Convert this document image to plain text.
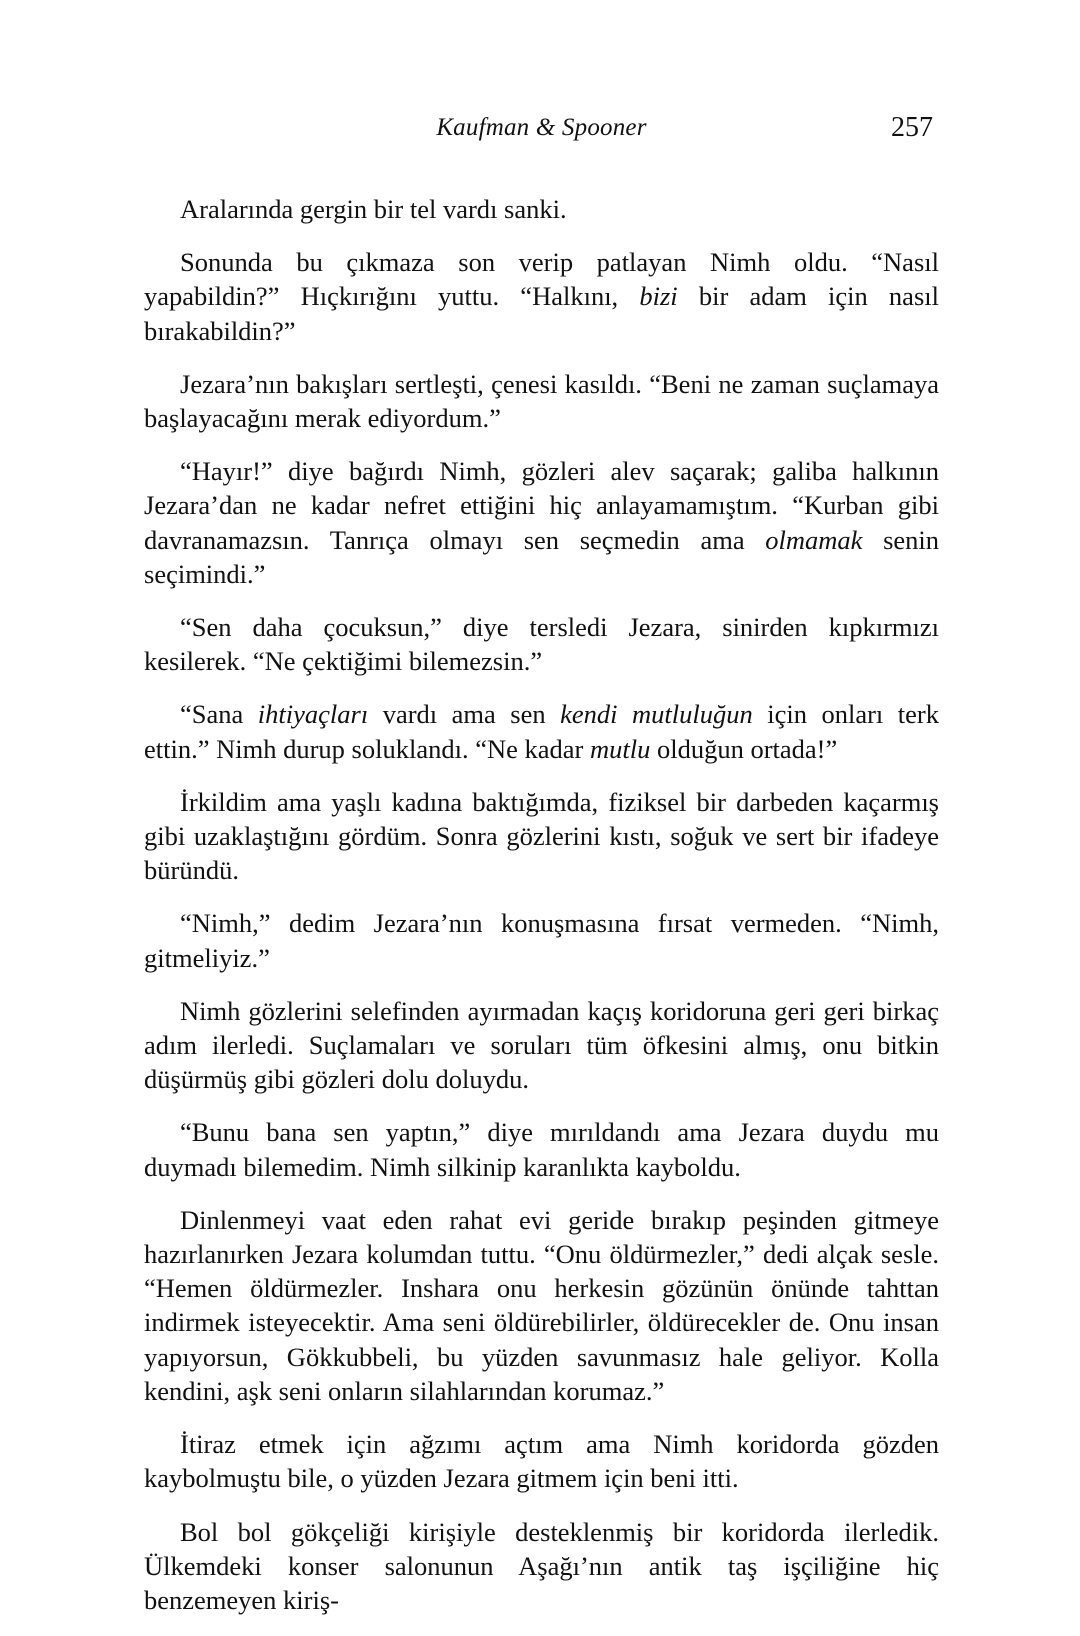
Kaufman & Spooner	257

Aralarında gergin bir tel vardı sanki.

Sonunda bu çıkmaza son verip patlayan Nimh oldu. “Nasıl yapabildin?” Hıçkırığını yuttu. “Halkını, bizi bir adam için nasıl bırakabildin?”

Jezara’nın bakışları sertleşti, çenesi kasıldı. “Beni ne zaman suçlamaya başlayacağını merak ediyordum.”

“Hayır!” diye bağırdı Nimh, gözleri alev saçarak; galiba halkının Jezara’dan ne kadar nefret ettiğini hiç anlayamamıştım. “Kurban gibi davranamazsın. Tanrıça olmayı sen seçmedin ama olmamak senin seçimindi.”

“Sen daha çocuksun,” diye tersledi Jezara, sinirden kıpkırmızı kesilerek. “Ne çektiğimi bilemezsin.”

“Sana ihtiyaçları vardı ama sen kendi mutluluğun için onları terk ettin.” Nimh durup soluklandı. “Ne kadar mutlu olduğun ortada!”

İrkildim ama yaşlı kadına baktığımda, fiziksel bir darbeden kaçarmış gibi uzaklaştığını gördüm. Sonra gözlerini kıstı, soğuk ve sert bir ifadeye büründü.

“Nimh,” dedim Jezara’nın konuşmasına fırsat vermeden. “Nimh, gitmeliyiz.”

Nimh gözlerini selefinden ayırmadan kaçış koridoruna geri geri birkaç adım ilerledi. Suçlamaları ve soruları tüm öfkesini almış, onu bitkin düşürmüş gibi gözleri dolu doluydu.

“Bunu bana sen yaptın,” diye mırıldandı ama Jezara duydu mu duymadı bilemedim. Nimh silkinip karanlıkta kayboldu.

Dinlenmeyi vaat eden rahat evi geride bırakıp peşinden gitmeye hazırlanırken Jezara kolumdan tuttu. “Onu öldürmezler,” dedi alçak sesle. “Hemen öldürmezler. Inshara onu herkesin gözünün önünde tahttan indirmek isteyecektir. Ama seni öldürebilirler, öldürecekler de. Onu insan yapıyorsun, Gökkubbeli, bu yüzden savunmasız hale geliyor. Kolla kendini, aşk seni onların silahlarından korumaz.”

İtiraz etmek için ağzımı açtım ama Nimh koridorda gözden kaybolmuştu bile, o yüzden Jezara gitmem için beni itti.

Bol bol gökçeliği kirişiyle desteklenmiş bir koridorda ilerledik. Ülkemdeki konser salonunun Aşağı’nın antik taş işçiliğine hiç benzemeyen kiriş-
